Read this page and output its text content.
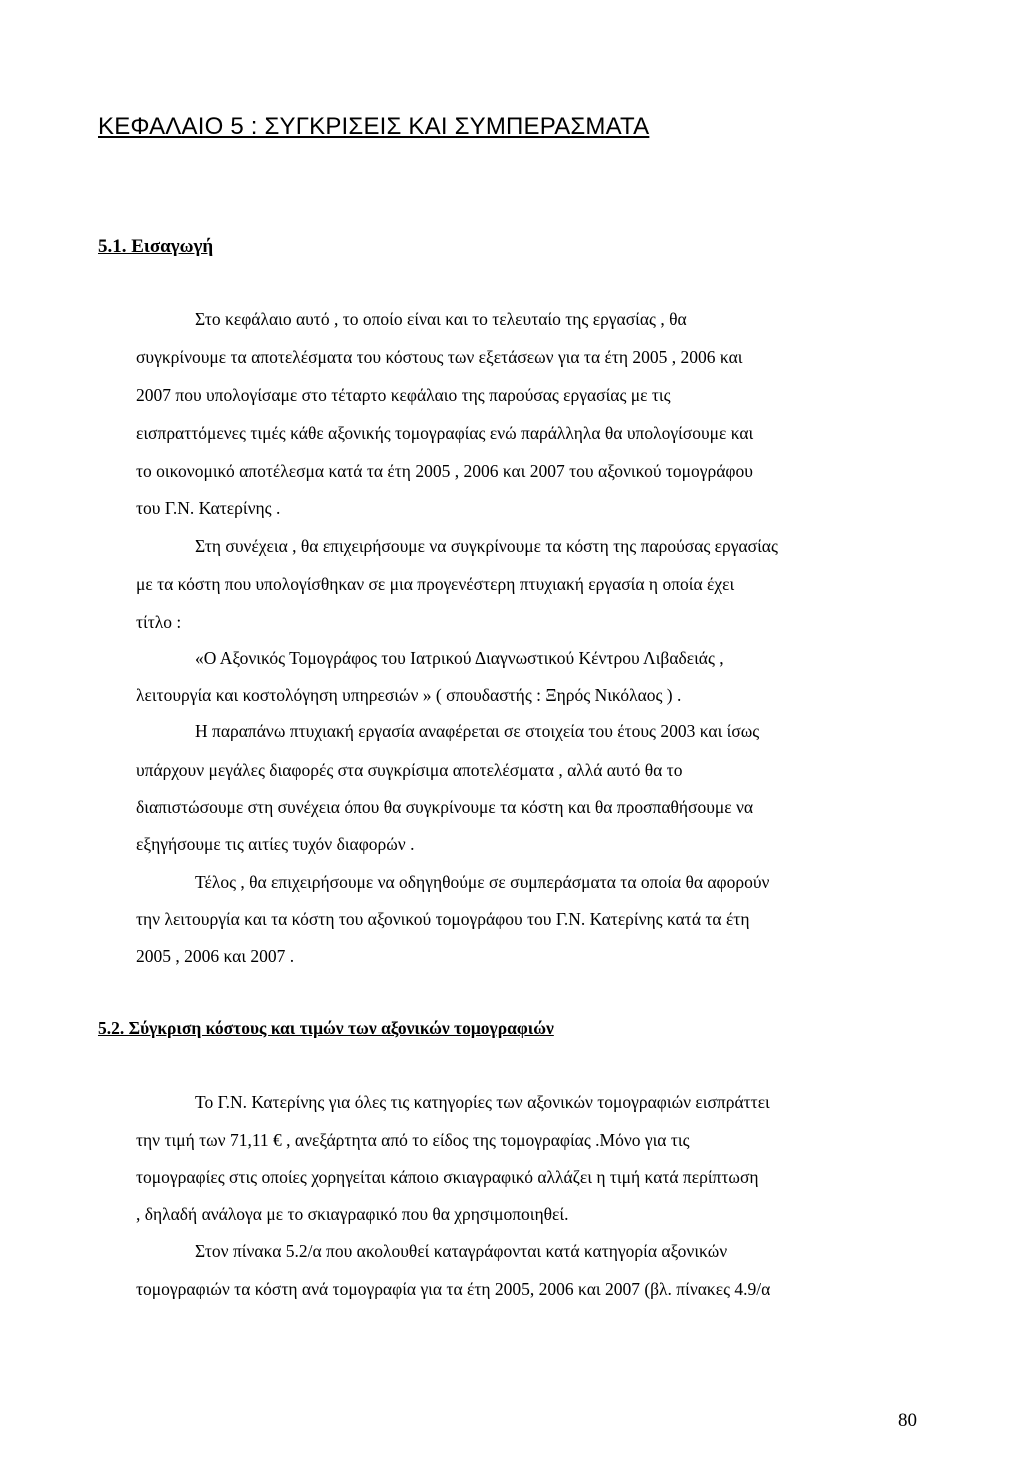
ΚΕΦΑΛΑΙΟ 5 : ΣΥΓΚΡΙΣΕΙΣ ΚΑΙ ΣΥΜΠΕΡΑΣΜΑΤΑ
5.1. Εισαγωγή
Στο κεφάλαιο αυτό , το οποίο είναι και το τελευταίο της εργασίας , θα
συγκρίνουμε τα αποτελέσματα του κόστους των εξετάσεων για τα έτη 2005 , 2006 και
2007 που υπολογίσαμε στο τέταρτο κεφάλαιο της παρούσας εργασίας με τις
εισπραττόμενες τιμές κάθε αξονικής τομογραφίας ενώ παράλληλα θα υπολογίσουμε και
το οικονομικό αποτέλεσμα κατά τα έτη 2005 , 2006 και 2007 του αξονικού τομογράφου
του Γ.Ν. Κατερίνης .
Στη συνέχεια , θα επιχειρήσουμε να συγκρίνουμε τα κόστη της παρούσας εργασίας
με τα κόστη που υπολογίσθηκαν σε μια προγενέστερη πτυχιακή εργασία η οποία έχει
τίτλο :
«Ο Αξονικός Τομογράφος του Ιατρικού Διαγνωστικού Κέντρου Λιβαδειάς ,
λειτουργία και κοστολόγηση υπηρεσιών » ( σπουδαστής : Ξηρός Νικόλαος ) .
Η παραπάνω πτυχιακή εργασία αναφέρεται σε στοιχεία του έτους 2003 και ίσως
υπάρχουν μεγάλες διαφορές στα συγκρίσιμα αποτελέσματα , αλλά αυτό θα το
διαπιστώσουμε στη συνέχεια όπου θα συγκρίνουμε τα κόστη και θα προσπαθήσουμε να
εξηγήσουμε τις αιτίες τυχόν διαφορών .
Τέλος , θα επιχειρήσουμε να οδηγηθούμε σε συμπεράσματα τα οποία θα αφορούν
την λειτουργία και τα κόστη του αξονικού τομογράφου του Γ.Ν. Κατερίνης κατά τα έτη
2005 , 2006 και 2007 .
5.2. Σύγκριση κόστους και τιμών των αξονικών τομογραφιών
Το Γ.Ν. Κατερίνης για όλες τις κατηγορίες των αξονικών τομογραφιών εισπράττει
την τιμή των 71,11 € , ανεξάρτητα από το είδος της τομογραφίας .Μόνο για τις
τομογραφίες στις οποίες χορηγείται κάποιο σκιαγραφικό αλλάζει η τιμή κατά περίπτωση
, δηλαδή ανάλογα με το σκιαγραφικό που θα χρησιμοποιηθεί.
Στον πίνακα 5.2/α που ακολουθεί καταγράφονται κατά κατηγορία αξονικών
τομογραφιών τα κόστη ανά τομογραφία για τα έτη 2005, 2006 και 2007 (βλ. πίνακες 4.9/α
80
